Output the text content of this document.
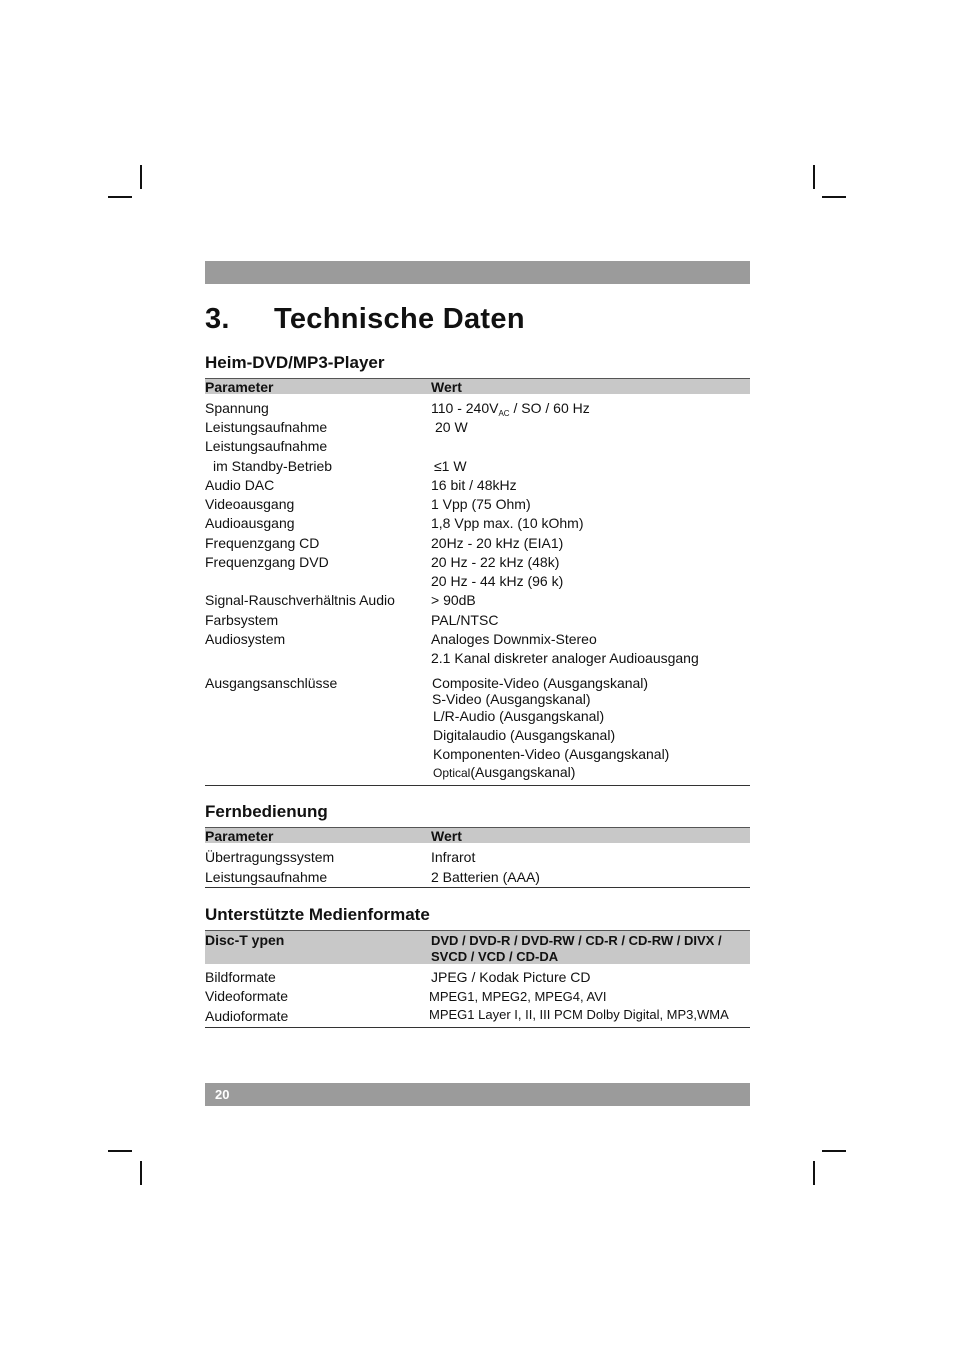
3. Technische Daten
Heim-DVD/MP3-Player
Parameter	Wert
Spannung	$110 - 240V_{AC}$ / SO / 60 Hz
Leistungsaufnahme	20 W
Leistungsaufnahme
im Standby-Betrieb	≤1 W
Audio DAC	16 bit / 48kHz
Videoausgang	1 Vpp (75 Ohm)
Audioausgang	1,8 Vpp max. (10 kOhm)
Frequenzgang CD	20Hz - 20 kHz (EIA1)
Frequenzgang DVD	20 Hz - 22 kHz (48k)
20 Hz - 44 kHz (96 k)
Signal-Rauschverhältnis Audio	> 90dB
Farbsystem	PAL/NTSC
Audiosystem	Analoges Downmix-Stereo
2.1 Kanal diskreter analoger Audioausgang
Ausgangsanschlüsse	Composite-Video (Ausgangskanal)
S-Video (Ausgangskanal)
L/R-Audio (Ausgangskanal)
Digitalaudio (Ausgangskanal)
Komponenten-Video (Ausgangskanal)
Optical(Ausgangskanal)
Fernbedienung
Parameter	Wert
Übertragungssystem	Infrarot
Leistungsaufnahme	2 Batterien (AAA)
Unterstützte Medienformate
Disc-T ypen	DVD / DVD-R / DVD-RW / CD-R / CD-RW / DIVX /
SVCD / VCD / CD-DA
Bildformate	JPEG / Kodak Picture CD
Videoformate	MPEG1, MPEG2, MPEG4, AVI
Audioformate	MPEG1 Layer I, II, III PCM Dolby Digital, MP3,WMA
20
